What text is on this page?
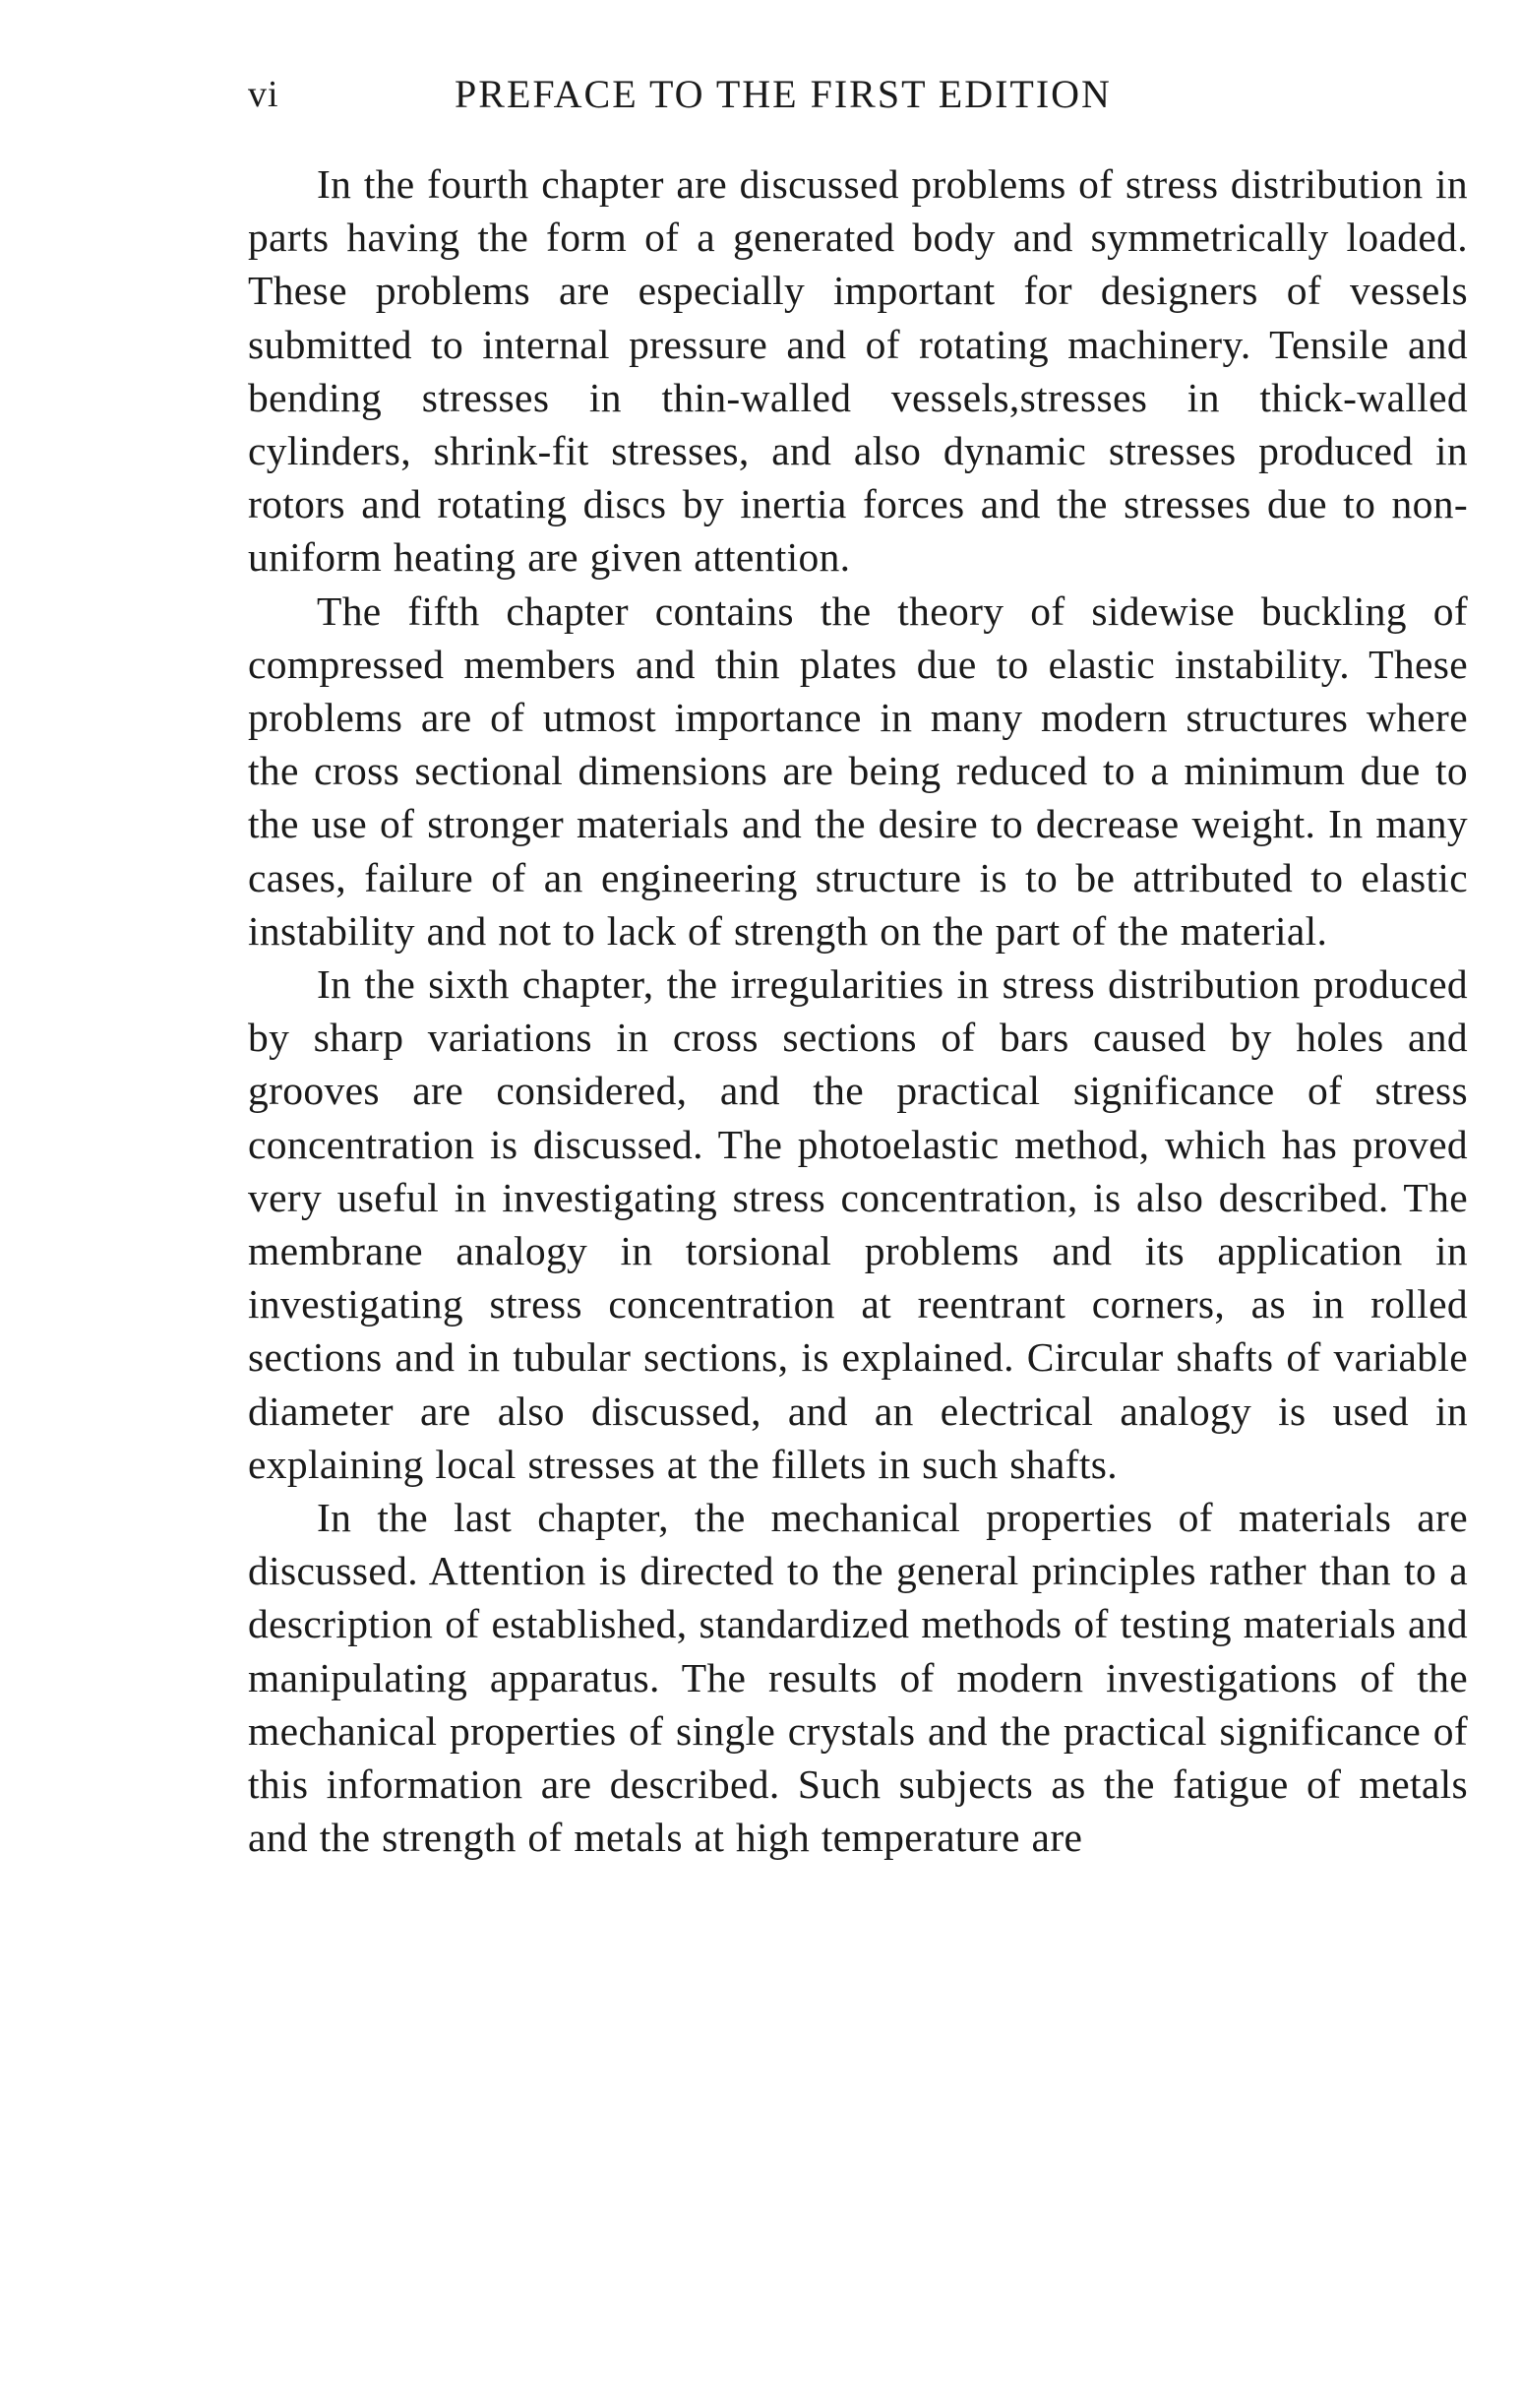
vi	PREFACE TO THE FIRST EDITION

In the fourth chapter are discussed problems of stress distribution in parts having the form of a generated body and symmetrically loaded. These problems are especially important for designers of vessels submitted to internal pressure and of rotating machinery. Tensile and bending stresses in thin-walled vessels,stresses in thick-walled cylinders, shrink-fit stresses, and also dynamic stresses produced in rotors and rotating discs by inertia forces and the stresses due to non-uniform heating are given attention.

The fifth chapter contains the theory of sidewise buckling of compressed members and thin plates due to elastic instability. These problems are of utmost importance in many modern structures where the cross sectional dimensions are being reduced to a minimum due to the use of stronger materials and the desire to decrease weight. In many cases, failure of an engineering structure is to be attributed to elastic instability and not to lack of strength on the part of the material.

In the sixth chapter, the irregularities in stress distribution produced by sharp variations in cross sections of bars caused by holes and grooves are considered, and the practical significance of stress concentration is discussed. The photoelastic method, which has proved very useful in investigating stress concentration, is also described. The membrane analogy in torsional problems and its application in investigating stress concentration at reentrant corners, as in rolled sections and in tubular sections, is explained. Circular shafts of variable diameter are also discussed, and an electrical analogy is used in explaining local stresses at the fillets in such shafts.

In the last chapter, the mechanical properties of materials are discussed. Attention is directed to the general principles rather than to a description of established, standardized methods of testing materials and manipulating apparatus. The results of modern investigations of the mechanical properties of single crystals and the practical significance of this information are described. Such subjects as the fatigue of metals and the strength of metals at high temperature are
